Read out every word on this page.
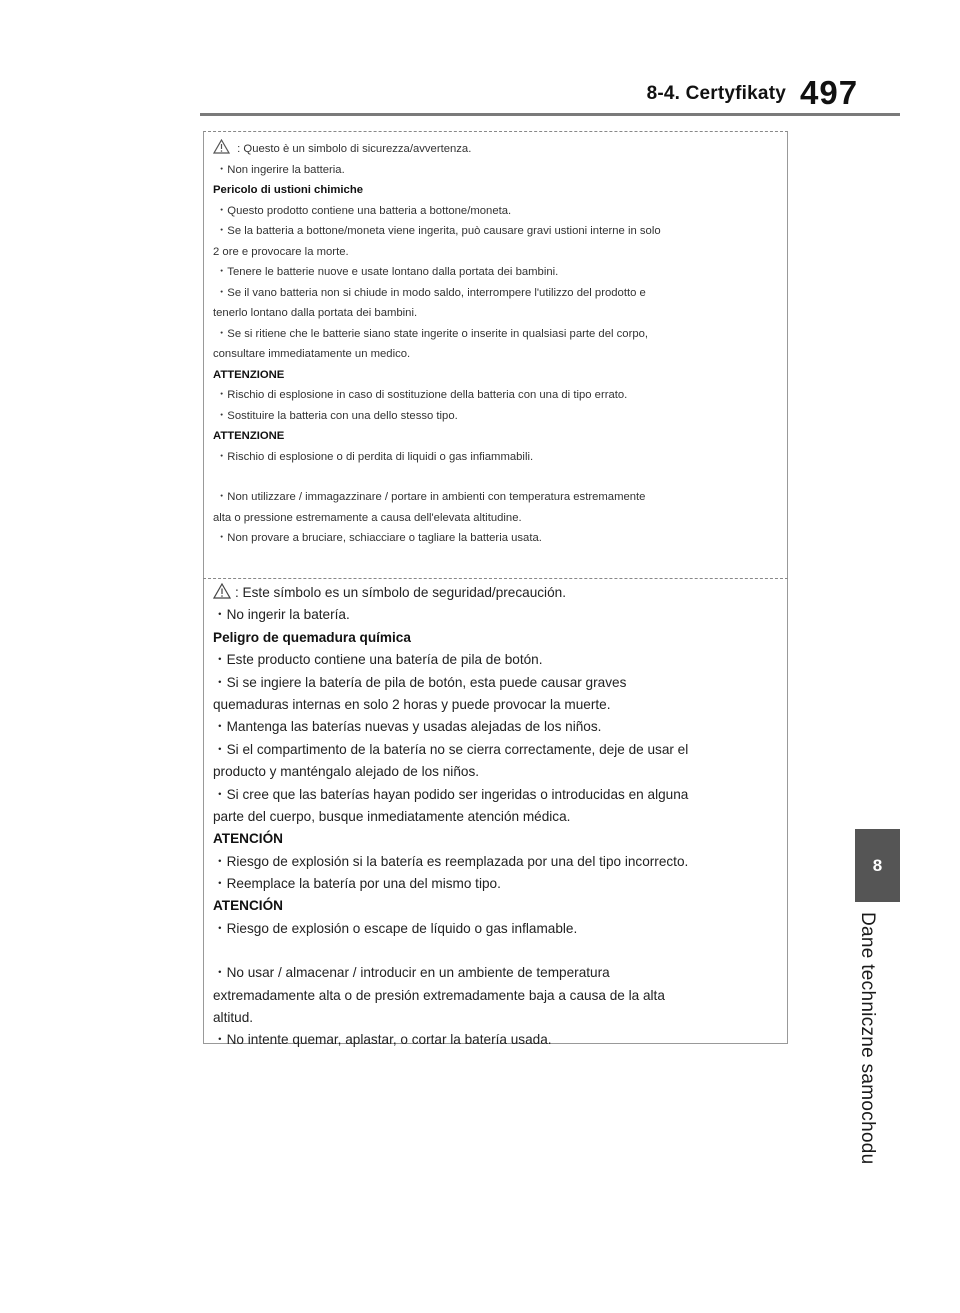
8-4. Certyfikaty 497
8
Dane techniczne samochodu
: Questo è un simbolo di sicurezza/avvertenza.
・Non ingerire la batteria.
Pericolo di ustioni chimiche
・Questo prodotto contiene una batteria a bottone/moneta.
・Se la batteria a bottone/moneta viene ingerita, può causare gravi ustioni interne in solo
2 ore e provocare la morte.
・Tenere le batterie nuove e usate lontano dalla portata dei bambini.
・Se il vano batteria non si chiude in modo saldo, interrompere l'utilizzo del prodotto e
tenerlo lontano dalla portata dei bambini.
・Se si ritiene che le batterie siano state ingerite o inserite in qualsiasi parte del corpo,
consultare immediatamente un medico.
ATTENZIONE
・Rischio di esplosione in caso di sostituzione della batteria con una di tipo errato.
・Sostituire la batteria con una dello stesso tipo.
ATTENZIONE
・Rischio di esplosione o di perdita di liquidi o gas infiammabili.
・Non utilizzare / immagazzinare / portare in ambienti con temperatura estremamente
alta o pressione estremamente a causa dell'elevata altitudine.
・Non provare a bruciare, schiacciare o tagliare la batteria usata.
: Este símbolo es un símbolo de seguridad/precaución.
・No ingerir la batería.
Peligro de quemadura química
・Este producto contiene una batería de pila de botón.
・Si se ingiere la batería de pila de botón, esta puede causar graves
quemaduras internas en solo 2 horas y puede provocar la muerte.
・Mantenga las baterías nuevas y usadas alejadas de los niños.
・Si el compartimento de la batería no se cierra correctamente, deje de usar el
producto y manténgalo alejado de los niños.
・Si cree que las baterías hayan podido ser ingeridas o introducidas en alguna
parte del cuerpo, busque inmediatamente atención médica.
ATENCIÓN
・Riesgo de explosión si la batería es reemplazada por una del tipo incorrecto.
・Reemplace la batería por una del mismo tipo.
ATENCIÓN
・Riesgo de explosión o escape de líquido o gas inflamable.
・No usar / almacenar / introducir en un ambiente de temperatura
extremadamente alta o de presión extremadamente baja a causa de la alta
altitud.
・No intente quemar, aplastar, o cortar la batería usada.
